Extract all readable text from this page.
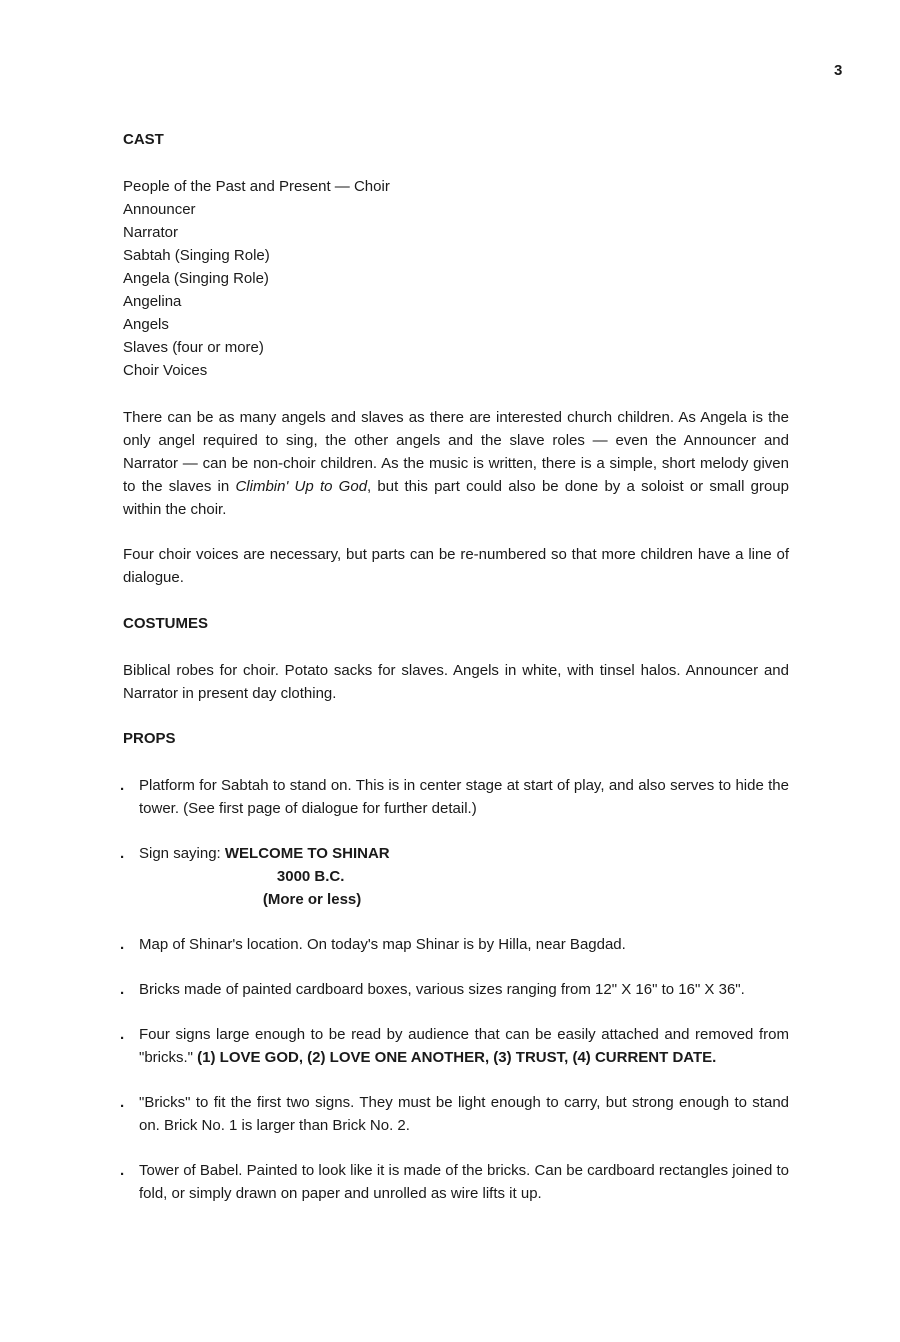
3
CAST
People of the Past and Present — Choir
Announcer
Narrator
Sabtah (Singing Role)
Angela (Singing Role)
Angelina
Angels
Slaves (four or more)
Choir Voices

There can be as many angels and slaves as there are interested church children. As Angela is the only angel required to sing, the other angels and the slave roles — even the Announcer and Narrator — can be non-choir children. As the music is written, there is a simple, short melody given to the slaves in Climbin' Up to God, but this part could also be done by a soloist or small group within the choir.

Four choir voices are necessary, but parts can be re-numbered so that more children have a line of dialogue.

COSTUMES

Biblical robes for choir. Potato sacks for slaves. Angels in white, with tinsel halos. Announcer and Narrator in present day clothing.

PROPS
. Platform for Sabtah to stand on. This is in center stage at start of play, and also serves to hide the tower. (See first page of dialogue for further detail.)
. Sign saying: WELCOME TO SHINAR
3000 B.C.
(More or less)
. Map of Shinar's location. On today's map Shinar is by Hilla, near Bagdad.
. Bricks made of painted cardboard boxes, various sizes ranging from 12" X 16" to 16" X 36".
. Four signs large enough to be read by audience that can be easily attached and removed from "bricks." (1) LOVE GOD, (2) LOVE ONE ANOTHER, (3) TRUST, (4) CURRENT DATE.
. "Bricks" to fit the first two signs. They must be light enough to carry, but strong enough to stand on. Brick No. 1 is larger than Brick No. 2.
. Tower of Babel. Painted to look like it is made of the bricks. Can be cardboard rectangles joined to fold, or simply drawn on paper and unrolled as wire lifts it up.
